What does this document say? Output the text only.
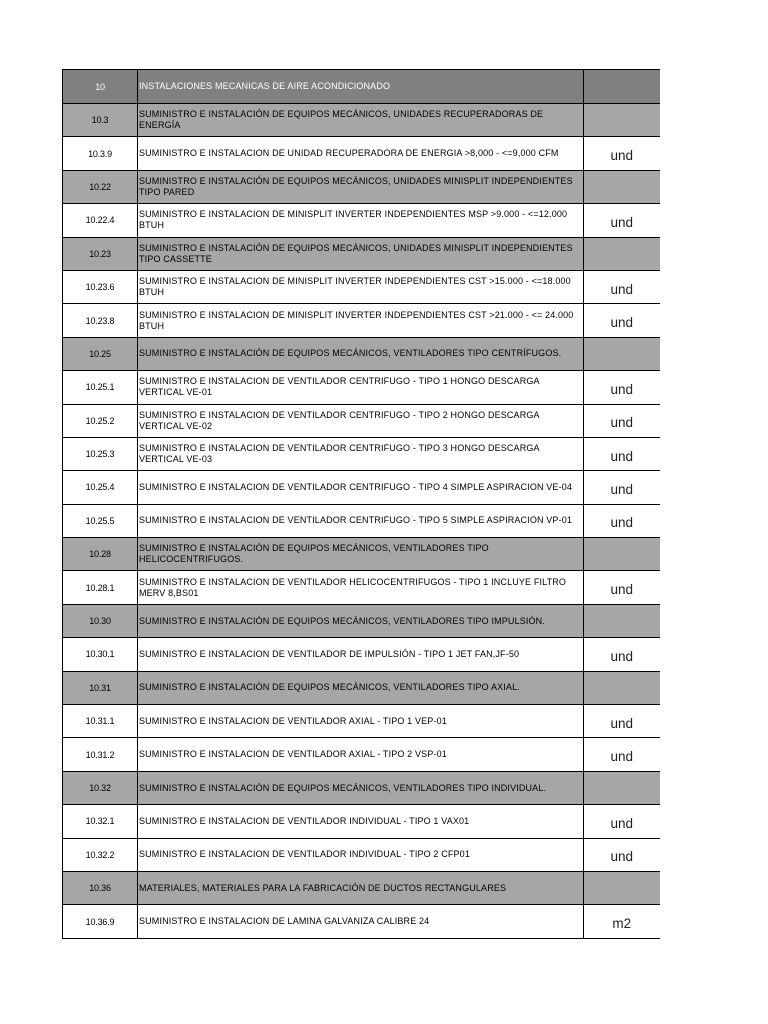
10	INSTALACIONES MECANICAS DE AIRE ACONDICIONADO	
10.3	SUMINISTRO E INSTALACIÓN DE EQUIPOS MECÁNICOS, UNIDADES RECUPERADORAS DE ENERGÍA	
10.3.9	SUMINISTRO E INSTALACION DE UNIDAD RECUPERADORA DE ENERGIA >8,000 - <=9,000 CFM	und
10.22	SUMINISTRO E INSTALACIÓN DE EQUIPOS MECÁNICOS, UNIDADES MINISPLIT INDEPENDIENTES TIPO PARED	
10.22.4	SUMINISTRO E INSTALACION DE MINISPLIT INVERTER INDEPENDIENTES MSP >9.000 - <=12.000 BTUH	und
10.23	SUMINISTRO E INSTALACIÓN DE EQUIPOS MECÁNICOS, UNIDADES MINISPLIT INDEPENDIENTES TIPO CASSETTE	
10.23.6	SUMINISTRO E INSTALACION DE MINISPLIT INVERTER INDEPENDIENTES CST >15.000 - <=18.000 BTUH	und
10.23.8	SUMINISTRO E INSTALACION DE MINISPLIT INVERTER INDEPENDIENTES CST >21.000 - <= 24.000 BTUH	und
10.25	SUMINISTRO E INSTALACIÓN DE EQUIPOS MECÁNICOS, VENTILADORES TIPO CENTRÍFUGOS.	
10.25.1	SUMINISTRO E INSTALACION DE VENTILADOR CENTRIFUGO - TIPO 1 HONGO DESCARGA VERTICAL VE-01	und
10.25.2	SUMINISTRO E INSTALACION DE VENTILADOR CENTRIFUGO - TIPO 2 HONGO DESCARGA VERTICAL VE-02	und
10.25.3	SUMINISTRO E INSTALACION DE VENTILADOR CENTRIFUGO - TIPO 3 HONGO DESCARGA VERTICAL VE-03	und
10.25.4	SUMINISTRO E INSTALACION DE VENTILADOR CENTRIFUGO - TIPO 4 SIMPLE ASPIRACION VE-04	und
10.25.5	SUMINISTRO E INSTALACION DE VENTILADOR CENTRIFUGO - TIPO 5 SIMPLE ASPIRACION VP-01	und
10.28	SUMINISTRO E INSTALACIÓN DE EQUIPOS MECÁNICOS, VENTILADORES TIPO HELICOCENTRIFUGOS.	
10.28.1	SUMINISTRO E INSTALACION DE VENTILADOR HELICOCENTRIFUGOS - TIPO 1 INCLUYE FILTRO MERV 8,BS01	und
10.30	SUMINISTRO E INSTALACIÓN DE EQUIPOS MECÁNICOS, VENTILADORES TIPO IMPULSIÓN.	
10.30.1	SUMINISTRO E INSTALACION DE VENTILADOR DE IMPULSIÓN - TIPO 1 JET FAN,JF-50	und
10.31	SUMINISTRO E INSTALACIÓN DE EQUIPOS MECÁNICOS, VENTILADORES TIPO AXIAL.	
10.31.1	SUMINISTRO E INSTALACION DE VENTILADOR AXIAL - TIPO 1 VEP-01	und
10.31.2	SUMINISTRO E INSTALACION DE VENTILADOR AXIAL - TIPO 2 VSP-01	und
10.32	SUMINISTRO E INSTALACIÓN DE EQUIPOS MECÁNICOS, VENTILADORES TIPO INDIVIDUAL.	
10.32.1	SUMINISTRO E INSTALACION DE VENTILADOR INDIVIDUAL - TIPO 1 VAX01	und
10.32.2	SUMINISTRO E INSTALACION DE VENTILADOR INDIVIDUAL - TIPO 2 CFP01	und
10.36	MATERIALES, MATERIALES PARA LA FABRICACIÓN DE DUCTOS RECTANGULARES	
10.36.9	SUMINISTRO E INSTALACION DE LAMINA GALVANIZA CALIBRE 24	m2
